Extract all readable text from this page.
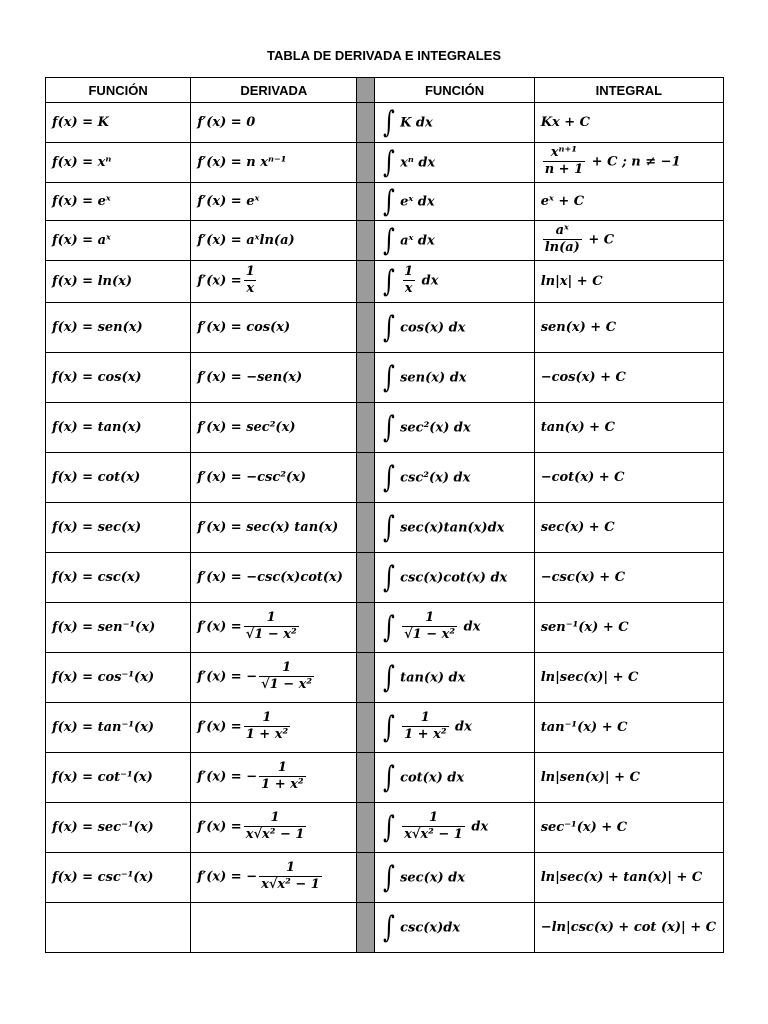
TABLA DE DERIVADA E INTEGRALES
FUNCIÓN	DERIVADA		FUNCIÓN	INTEGRAL
f(x) = K	f′(x) = 0		∫ K dx	Kx + C
f(x) = xⁿ	f′(x) = n xⁿ⁻¹		∫ xⁿ dx	$\frac{\text{xⁿ⁺¹}}{n + 1} + C$ ; n ≠ −1
f(x) = eˣ	f′(x) = eˣ		∫ eˣ dx	eˣ + C
f(x) = aˣ	f′(x) = aˣln(a)		∫ aˣ dx	$\frac{\text{aˣ}}{\ln(a)} + C$
f(x) = ln(x)	$f'(x) = \frac{1}{x}$		∫ $\frac{1}{x}$ dx	ln|x| + C
f(x) = sen(x)	f′(x) = cos(x)		∫ cos(x) dx	sen(x) + C
f(x) = cos(x)	f′(x) = −sen(x)		∫ sen(x) dx	−cos(x) + C
f(x) = tan(x)	f′(x) = sec²(x)		∫ sec²(x) dx	tan(x) + C
f(x) = cot(x)	f′(x) = −csc²(x)		∫ csc²(x) dx	−cot(x) + C
f(x) = sec(x)	f′(x) = sec(x) tan(x)		∫ sec(x)tan(x)dx	sec(x) + C
f(x) = csc(x)	f′(x) = −csc(x)cot(x)		∫ csc(x)cot(x) dx	−csc(x) + C
f(x) = sen⁻¹(x)	$f'(x) = \frac{1}{\text{√1 − x²}}$		∫ $\frac{1}{\text{√1 − x²}}$ dx	sen⁻¹(x) + C
f(x) = cos⁻¹(x)	f′(x) = − $\frac{1}{\text{√1 − x²}}$		∫ tan(x) dx	ln|sec(x)| + C
f(x) = tan⁻¹(x)	$f'(x) = \frac{1}{\text{1 + x²}}$		∫ $\frac{1}{\text{1 + x²}}$ dx	tan⁻¹(x) + C
f(x) = cot⁻¹(x)	f′(x) = − $\frac{1}{\text{1 + x²}}$		∫ cot(x) dx	ln|sen(x)| + C
f(x) = sec⁻¹(x)	$f'(x) = \frac{1}{\text{x√x² − 1}}$		∫ $\frac{1}{\text{x√x² − 1}}$ dx	sec⁻¹(x) + C
f(x) = csc⁻¹(x)	f′(x) = − $\frac{1}{\text{x√x² − 1}}$		∫ sec(x) dx	ln|sec(x) + tan(x)| + C
			∫ csc(x)dx	−ln|csc(x) + cot (x)| + C
